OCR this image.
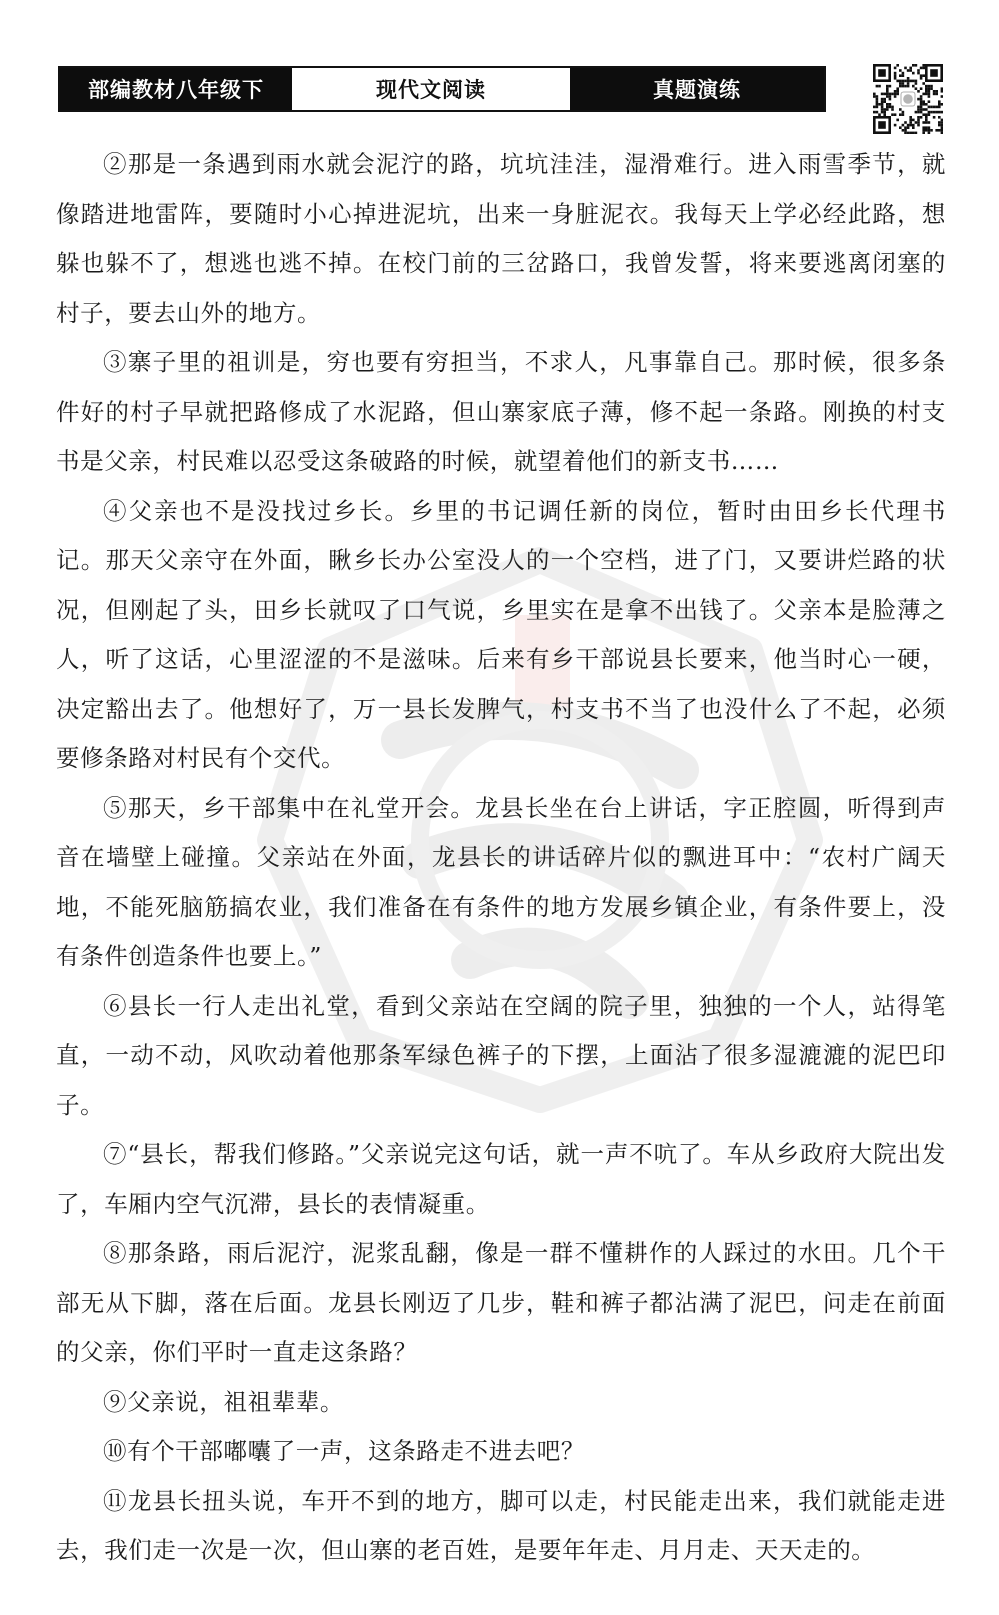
部编教材八年级下	现代文阅读	真题演练

②那是一条遇到雨水就会泥泞的路，坑坑洼洼，湿滑难行。进入雨雪季节，就像踏进地雷阵，要随时小心掉进泥坑，出来一身脏泥衣。我每天上学必经此路，想躲也躲不了，想逃也逃不掉。在校门前的三岔路口，我曾发誓，将来要逃离闭塞的村子，要去山外的地方。

③寨子里的祖训是，穷也要有穷担当，不求人，凡事靠自己。那时候，很多条件好的村子早就把路修成了水泥路，但山寨家底子薄，修不起一条路。刚换的村支书是父亲，村民难以忍受这条破路的时候，就望着他们的新支书……

④父亲也不是没找过乡长。乡里的书记调任新的岗位，暂时由田乡长代理书记。那天父亲守在外面，瞅乡长办公室没人的一个空档，进了门，又要讲烂路的状况，但刚起了头，田乡长就叹了口气说，乡里实在是拿不出钱了。父亲本是脸薄之人，听了这话，心里涩涩的不是滋味。后来有乡干部说县长要来，他当时心一硬，决定豁出去了。他想好了，万一县长发脾气，村支书不当了也没什么了不起，必须要修条路对村民有个交代。

⑤那天，乡干部集中在礼堂开会。龙县长坐在台上讲话，字正腔圆，听得到声音在墙壁上碰撞。父亲站在外面，龙县长的讲话碎片似的飘进耳中：“农村广阔天地，不能死脑筋搞农业，我们准备在有条件的地方发展乡镇企业，有条件要上，没有条件创造条件也要上。”

⑥县长一行人走出礼堂，看到父亲站在空阔的院子里，独独的一个人，站得笔直，一动不动，风吹动着他那条军绿色裤子的下摆，上面沾了很多湿漉漉的泥巴印子。

⑦“县长，帮我们修路。”父亲说完这句话，就一声不吭了。车从乡政府大院出发了，车厢内空气沉滞，县长的表情凝重。

⑧那条路，雨后泥泞，泥浆乱翻，像是一群不懂耕作的人踩过的水田。几个干部无从下脚，落在后面。龙县长刚迈了几步，鞋和裤子都沾满了泥巴，问走在前面的父亲，你们平时一直走这条路？

⑨父亲说，祖祖辈辈。

⑩有个干部嘟囔了一声，这条路走不进去吧？

⑪龙县长扭头说，车开不到的地方，脚可以走，村民能走出来，我们就能走进去，我们走一次是一次，但山寨的老百姓，是要年年走、月月走、天天走的。
